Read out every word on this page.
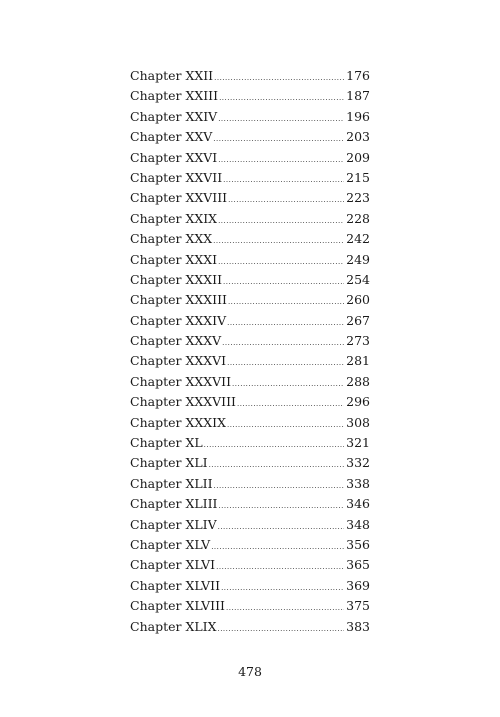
Chapter XXII .....	176
Chapter XXIII .....	187
Chapter XXIV .....	196
Chapter XXV .....	203
Chapter XXVI .....	209
Chapter XXVII .....	215
Chapter XXVIII .....	223
Chapter XXIX .....	228
Chapter XXX .....	242
Chapter XXXI .....	249
Chapter XXXII .....	254
Chapter XXXIII .....	260
Chapter XXXIV .....	267
Chapter XXXV .....	273
Chapter XXXVI .....	281
Chapter XXXVII .....	288
Chapter XXXVIII .....	296
Chapter XXXIX .....	308
Chapter XL .....	321
Chapter XLI .....	332
Chapter XLII .....	338
Chapter XLIII .....	346
Chapter XLIV .....	348
Chapter XLV .....	356
Chapter XLVI .....	365
Chapter XLVII .....	369
Chapter XLVIII .....	375
Chapter XLIX .....	383
478
